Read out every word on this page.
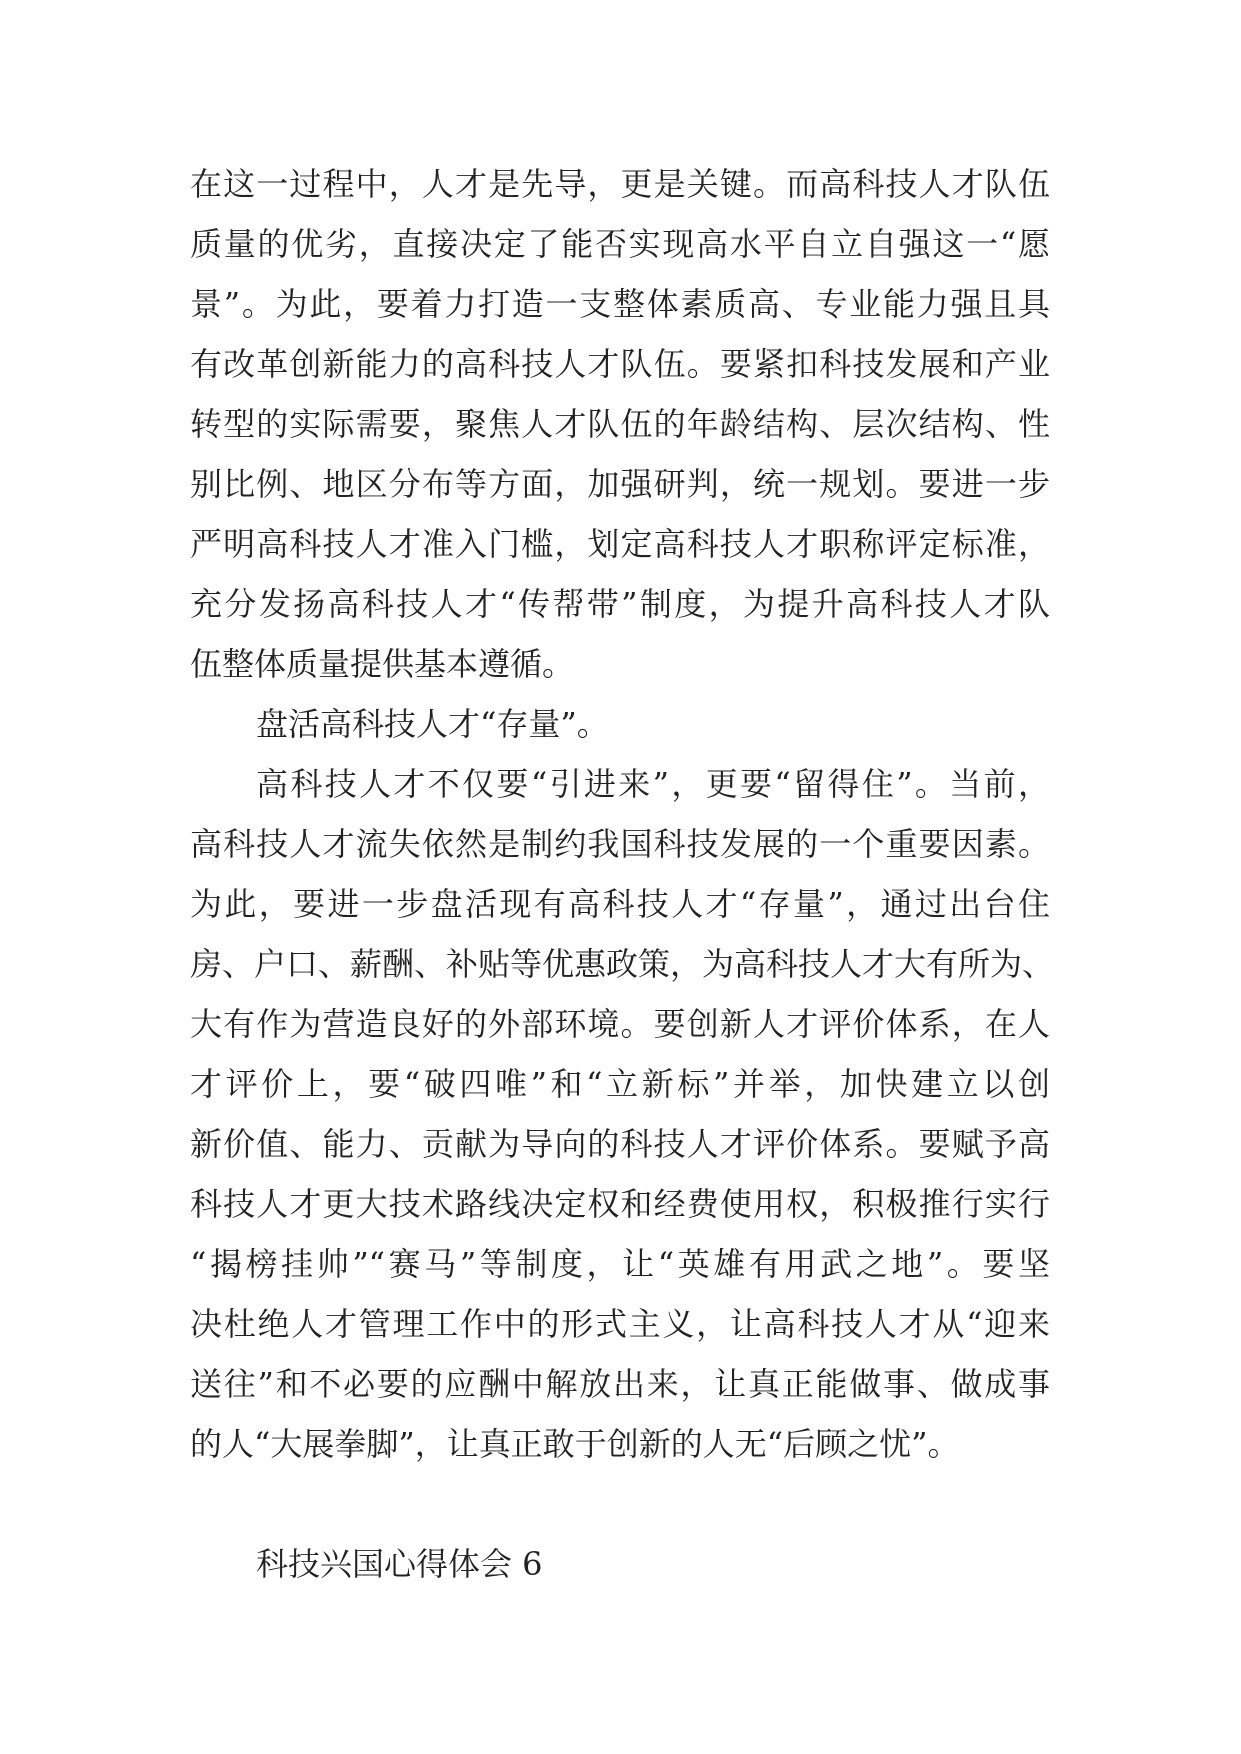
在这一过程中，人才是先导，更是关键。而高科技人才队伍
质量的优劣，直接决定了能否实现高水平自立自强这一“愿
景”。为此，要着力打造一支整体素质高、专业能力强且具
有改革创新能力的高科技人才队伍。要紧扣科技发展和产业
转型的实际需要，聚焦人才队伍的年龄结构、层次结构、性
别比例、地区分布等方面，加强研判，统一规划。要进一步
严明高科技人才准入门槛，划定高科技人才职称评定标准，
充分发扬高科技人才“传帮带”制度，为提升高科技人才队
伍整体质量提供基本遵循。
盘活高科技人才“存量”。
高科技人才不仅要“引进来”，更要“留得住”。当前，
高科技人才流失依然是制约我国科技发展的一个重要因素。
为此，要进一步盘活现有高科技人才“存量”，通过出台住
房、户口、薪酬、补贴等优惠政策，为高科技人才大有所为、
大有作为营造良好的外部环境。要创新人才评价体系，在人
才评价上，要“破四唯”和“立新标”并举，加快建立以创
新价值、能力、贡献为导向的科技人才评价体系。要赋予高
科技人才更大技术路线决定权和经费使用权，积极推行实行
“揭榜挂帅”“赛马”等制度，让“英雄有用武之地”。要坚
决杜绝人才管理工作中的形式主义，让高科技人才从“迎来
送往”和不必要的应酬中解放出来，让真正能做事、做成事
的人“大展拳脚”，让真正敢于创新的人无“后顾之忧”。
科技兴国心得体会 6
